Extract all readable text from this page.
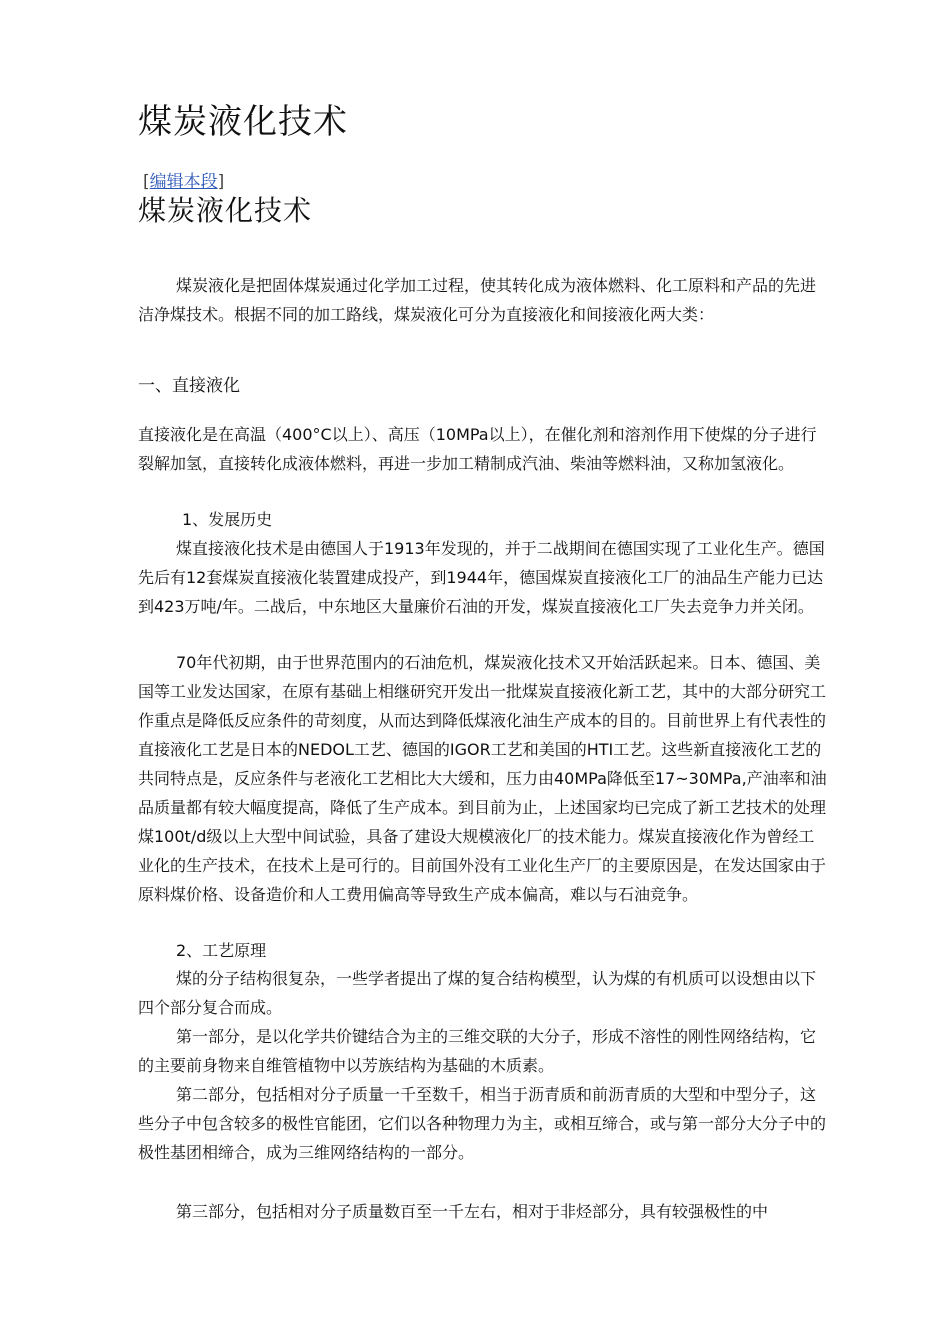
煤炭液化技术
[编辑本段]
煤炭液化技术

煤炭液化是把固体煤炭通过化学加工过程，使其转化成为液体燃料、化工原料和产品的先进洁净煤技术。根据不同的加工路线，煤炭液化可分为直接液化和间接液化两大类：

一、直接液化

直接液化是在高温（400°C以上）、高压（10MPa以上），在催化剂和溶剂作用下使煤的分子进行裂解加氢，直接转化成液体燃料，再进一步加工精制成汽油、柴油等燃料油，又称加氢液化。

1、发展历史

煤直接液化技术是由德国人于1913年发现的，并于二战期间在德国实现了工业化生产。德国先后有12套煤炭直接液化装置建成投产，到1944年，德国煤炭直接液化工厂的油品生产能力已达到423万吨/年。二战后，中东地区大量廉价石油的开发，煤炭直接液化工厂失去竞争力并关闭。

70年代初期，由于世界范围内的石油危机，煤炭液化技术又开始活跃起来。日本、德国、美国等工业发达国家，在原有基础上相继研究开发出一批煤炭直接液化新工艺，其中的大部分研究工作重点是降低反应条件的苛刻度，从而达到降低煤液化油生产成本的目的。目前世界上有代表性的直接液化工艺是日本的NEDOL工艺、德国的IGOR工艺和美国的HTI工艺。这些新直接液化工艺的共同特点是，反应条件与老液化工艺相比大大缓和，压力由40MPa降低至17~30MPa,产油率和油品质量都有较大幅度提高，降低了生产成本。到目前为止，上述国家均已完成了新工艺技术的处理煤100t/d级以上大型中间试验，具备了建设大规模液化厂的技术能力。煤炭直接液化作为曾经工业化的生产技术，在技术上是可行的。目前国外没有工业化生产厂的主要原因是，在发达国家由于原料煤价格、设备造价和人工费用偏高等导致生产成本偏高，难以与石油竞争。

2、工艺原理

煤的分子结构很复杂，一些学者提出了煤的复合结构模型，认为煤的有机质可以设想由以下四个部分复合而成。

第一部分，是以化学共价键结合为主的三维交联的大分子，形成不溶性的刚性网络结构，它的主要前身物来自维管植物中以芳族结构为基础的木质素。

第二部分，包括相对分子质量一千至数千，相当于沥青质和前沥青质的大型和中型分子，这些分子中包含较多的极性官能团，它们以各种物理力为主，或相互缔合，或与第一部分大分子中的极性基团相缔合，成为三维网络结构的一部分。

第三部分，包括相对分子质量数百至一千左右，相对于非烃部分，具有较强极性的中
